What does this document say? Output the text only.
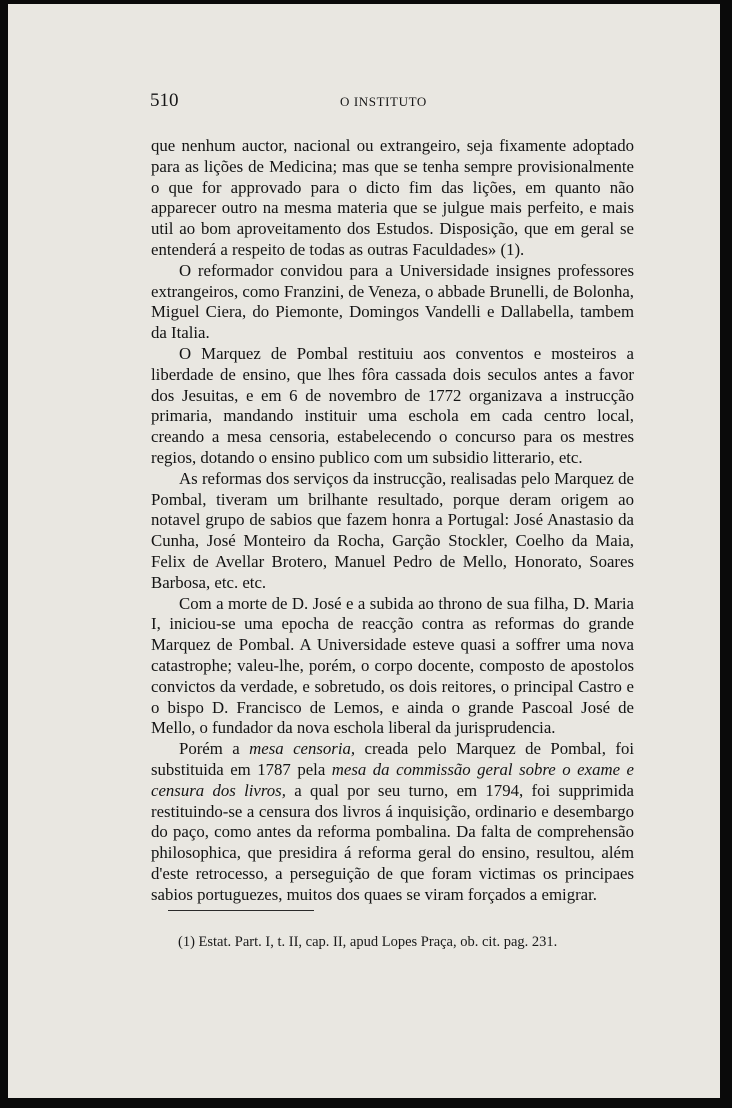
510	O INSTITUTO

que nenhum auctor, nacional ou extrangeiro, seja fixamente adoptado para as lições de Medicina; mas que se tenha sempre provisionalmente o que for approvado para o dicto fim das lições, em quanto não apparecer outro na mesma materia que se julgue mais perfeito, e mais util ao bom aproveitamento dos Estudos. Disposição, que em geral se entenderá a respeito de todas as outras Faculdades» (1).

O reformador convidou para a Universidade insignes professores extrangeiros, como Franzini, de Veneza, o abbade Brunelli, de Bolonha, Miguel Ciera, do Piemonte, Domingos Vandelli e Dallabella, tambem da Italia.

O Marquez de Pombal restituiu aos conventos e mosteiros a liberdade de ensino, que lhes fôra cassada dois seculos antes a favor dos Jesuitas, e em 6 de novembro de 1772 organizava a instrucção primaria, mandando instituir uma escholа em cada centro local, creando a mesa censoria, estabelecendo o concurso para os mestres regios, dotando o ensino publico com um subsidio litterario, etc.

As reformas dos serviços da instrucção, realisadas pelo Marquez de Pombal, tiveram um brilhante resultado, porque deram origem ao notavel grupo de sabios que fazem honra a Portugal: José Anastasio da Cunha, José Monteiro da Rocha, Garção Stockler, Coelho da Maia, Felix de Avellar Brotero, Manuel Pedro de Mello, Honorato, Soares Barbosa, etc. etc.

Com a morte de D. José e a subida ao throno de sua filha, D. Maria I, iniciou-se uma epocha de reacção contra as reformas do grande Marquez de Pombal. A Universidade esteve quasi a soffrer uma nova catastrophe; valeu-lhe, porém, o corpo docente, composto de apostolos convictos da verdade, e sobretudo, os dois reitores, o principal Castro e o bispo D. Francisco de Lemos, e ainda o grande Pascoal José de Mello, o fundador da nova eschola liberal da jurisprudencia.

Porém a mesa censoria, creada pelo Marquez de Pombal, foi substituida em 1787 pela mesa da commissão geral sobre o exame e censura dos livros, a qual por seu turno, em 1794, foi supprimida restituindo-se a censura dos livros á inquisição, ordinario e desembargo do paço, como antes da reforma pombalina. Da falta de comprehensão philosophica, que presidira á reforma geral do ensino, resultou, além d'este retrocesso, a perseguição de que foram victimas os principaes sabios portuguezes, muitos dos quaes se viram forçados a emigrar.

(1) Estat. Part. I, t. II, cap. II, apud Lopes Praça, ob. cit. pag. 231.
